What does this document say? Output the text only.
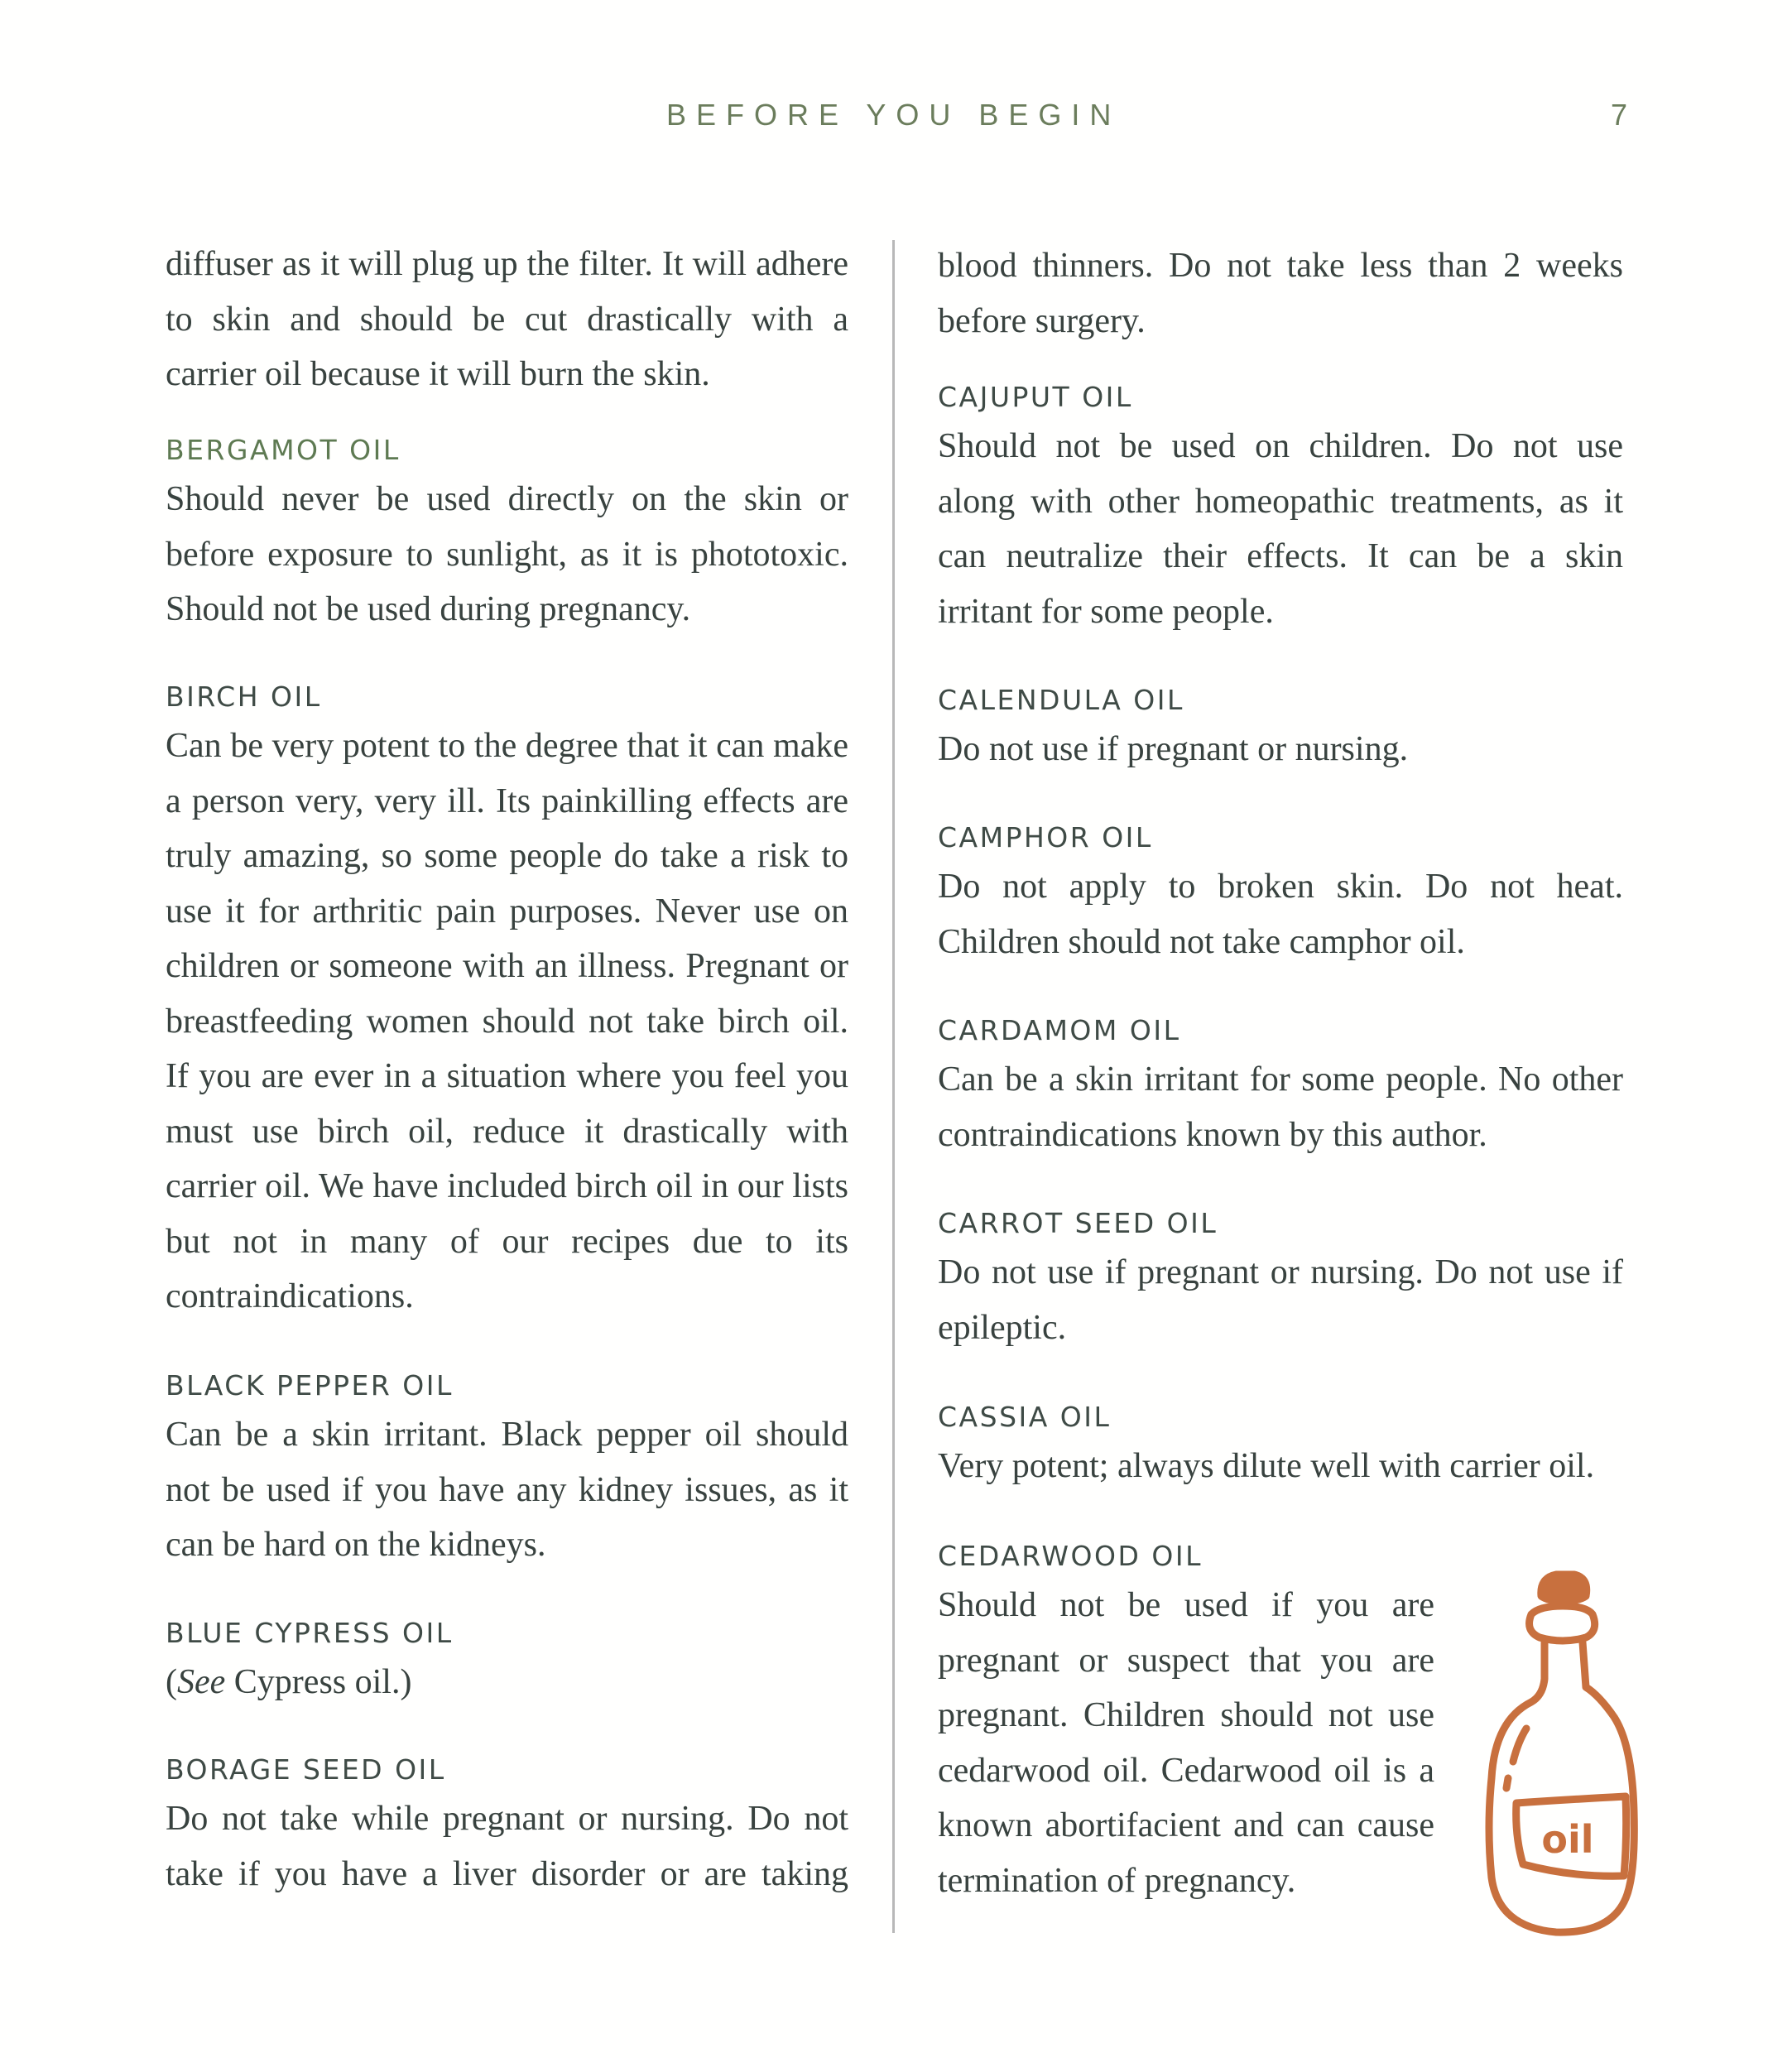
BEFORE YOU BEGIN	7
diffuser as it will plug up the filter. It will adhere to skin and should be cut drastically with a carrier oil because it will burn the skin.
BERGAMOT OIL
Should never be used directly on the skin or before exposure to sunlight, as it is phototoxic. Should not be used during pregnancy.
BIRCH OIL
Can be very potent to the degree that it can make a person very, very ill. Its painkilling effects are truly amazing, so some people do take a risk to use it for arthritic pain purposes. Never use on children or someone with an illness. Pregnant or breastfeeding women should not take birch oil. If you are ever in a situation where you feel you must use birch oil, reduce it drastically with carrier oil. We have included birch oil in our lists but not in many of our recipes due to its contraindications.
BLACK PEPPER OIL
Can be a skin irritant. Black pepper oil should not be used if you have any kidney issues, as it can be hard on the kidneys.
BLUE CYPRESS OIL
(See Cypress oil.)
BORAGE SEED OIL
Do not take while pregnant or nursing. Do not take if you have a liver disorder or are taking
blood thinners. Do not take less than 2 weeks before surgery.
CAJUPUT OIL
Should not be used on children. Do not use along with other homeopathic treatments, as it can neutralize their effects. It can be a skin irritant for some people.
CALENDULA OIL
Do not use if pregnant or nursing.
CAMPHOR OIL
Do not apply to broken skin. Do not heat. Children should not take camphor oil.
CARDAMOM OIL
Can be a skin irritant for some people. No other contraindications known by this author.
CARROT SEED OIL
Do not use if pregnant or nursing. Do not use if epileptic.
CASSIA OIL
Very potent; always dilute well with carrier oil.
CEDARWOOD OIL
Should not be used if you are pregnant or suspect that you are pregnant. Children should not use cedarwood oil. Cedarwood oil is a known abortifacient and can cause termination of pregnancy.
oil
